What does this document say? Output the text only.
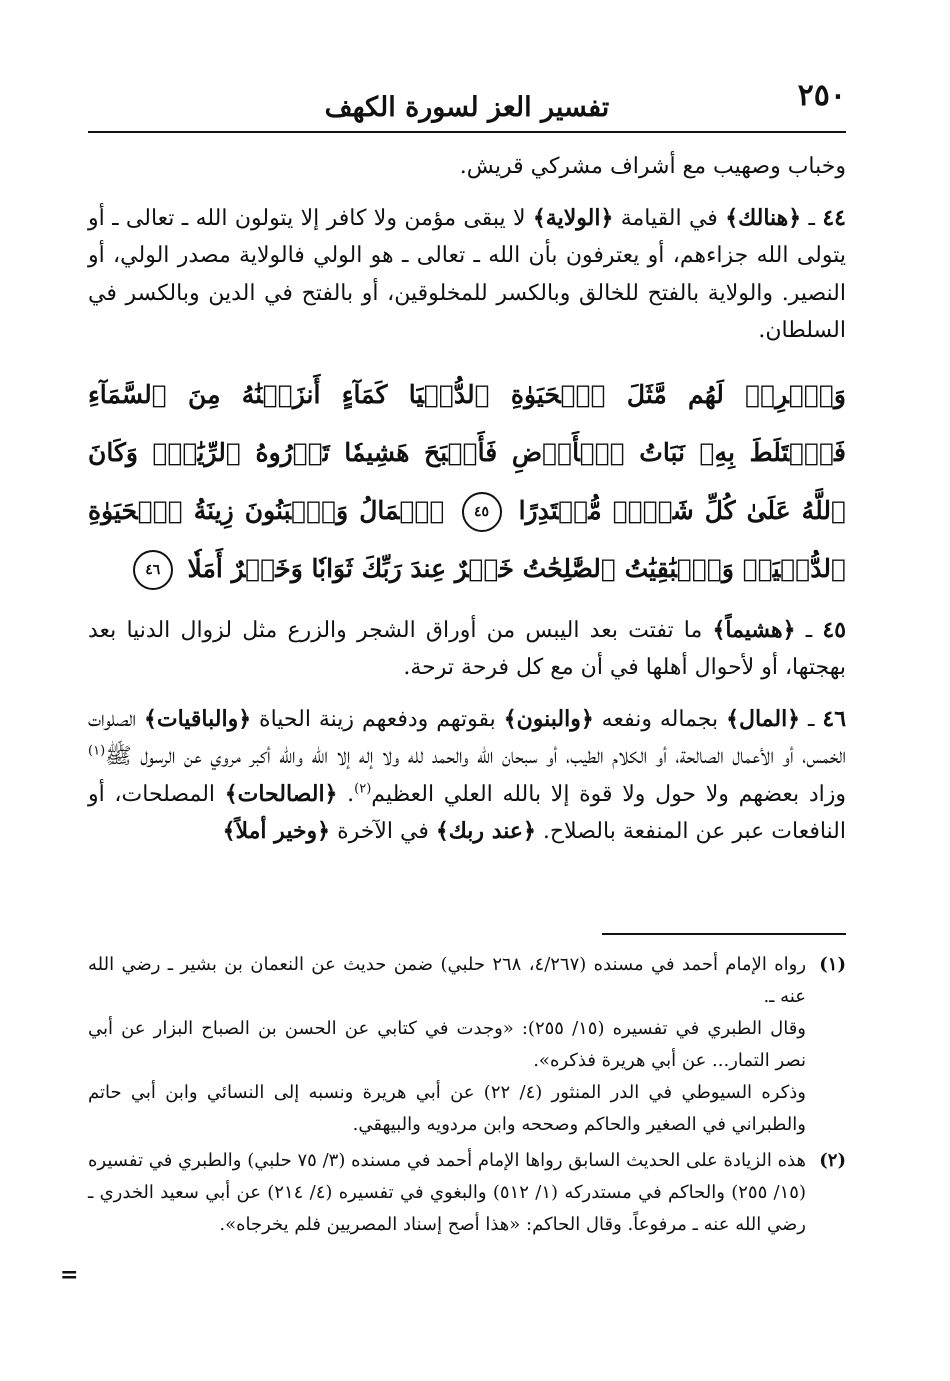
٢٥٠
تفسير العز لسورة الكهف

وخباب وصهيب مع أشراف مشركي قريش.

٤٤ ـ ﴿هنالك﴾ في القيامة ﴿الولاية﴾ لا يبقى مؤمن ولا كافر إلا يتولون الله ـ تعالى ـ أو يتولى الله جزاءهم، أو يعترفون بأن الله ـ تعالى ـ هو الولي فالولاية مصدر الولي، أو النصير. والولاية بالفتح للخالق وبالكسر للمخلوقين، أو بالفتح في الدين وبالكسر في السلطان.

وَٱضۡرِبۡ لَهُم مَّثَلَ ٱلۡحَيَوٰةِ ٱلدُّنۡيَا كَمَآءٍ أَنزَلۡنَٰهُ مِنَ ٱلسَّمَآءِ فَٱخۡتَلَطَ بِهِۦ نَبَاتُ ٱلۡأَرۡضِ فَأَصۡبَحَ هَشِيمٗا تَذۡرُوهُ ٱلرِّيَٰحُۗ وَكَانَ ٱللَّهُ عَلَىٰ كُلِّ شَيۡءٖ مُّقۡتَدِرًا ٤٥ ٱلۡمَالُ وَٱلۡبَنُونَ زِينَةُ ٱلۡحَيَوٰةِ ٱلدُّنۡيَاۖ وَٱلۡبَٰقِيَٰتُ ٱلصَّٰلِحَٰتُ خَيۡرٌ عِندَ رَبِّكَ ثَوَابٗا وَخَيۡرٌ أَمَلٗا ٤٦

٤٥ ـ ﴿هشيماً﴾ ما تفتت بعد اليبس من أوراق الشجر والزرع مثل لزوال الدنيا بعد بهجتها، أو لأحوال أهلها في أن مع كل فرحة ترحة.

٤٦ ـ ﴿المال﴾ بجماله ونفعه ﴿والبنون﴾ بقوتهم ودفعهم زينة الحياة ﴿والباقيات﴾ الصلوات الخمس، أو الأعمال الصالحة، أو الكلام الطيب، أو سبحان الله والحمد لله ولا إله إلا الله والله أكبر مروي عن الرسول ﷺ$^{(١)}$ وزاد بعضهم ولا حول ولا قوة إلا بالله العلي العظيم$^{(٢)}$. ﴿الصالحات﴾ المصلحات، أو النافعات عبر عن المنفعة بالصلاح. ﴿عند ربك﴾ في الآخرة ﴿وخير أملاً﴾

(١)

رواه الإمام أحمد في مسنده (٤/٢٦٧، ٢٦٨ حلبي) ضمن حديث عن النعمان بن بشير ـ رضي الله عنه ـ.

وقال الطبري في تفسيره (١٥/ ٢٥٥): «وجدت في كتابي عن الحسن بن الصباح البزار عن أبي نصر التمار... عن أبي هريرة فذكره».

وذكره السيوطي في الدر المنثور (٤/ ٢٢) عن أبي هريرة ونسبه إلى النسائي وابن أبي حاتم والطبراني في الصغير والحاكم وصححه وابن مردويه والبيهقي.

(٢)

هذه الزيادة على الحديث السابق رواها الإمام أحمد في مسنده (٣/ ٧٥ حلبي) والطبري في تفسيره (١٥/ ٢٥٥) والحاكم في مستدركه (١/ ٥١٢) والبغوي في تفسيره (٤/ ٢١٤) عن أبي سعيد الخدري ـ رضي الله عنه ـ مرفوعاً. وقال الحاكم: «هذا أصح إسناد المصريين فلم يخرجاه».

=
